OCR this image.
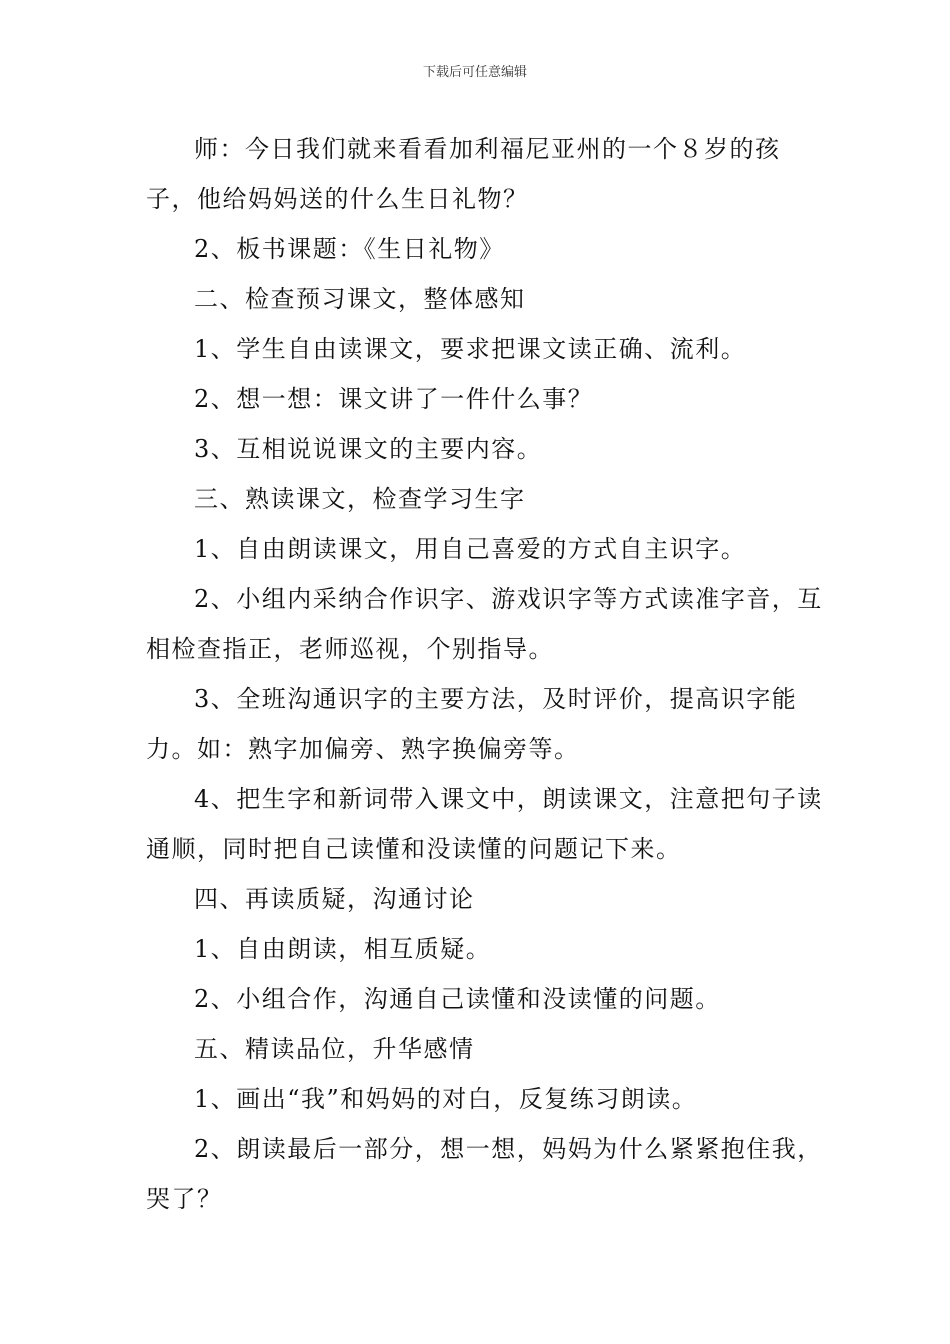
下载后可任意编辑

师：今日我们就来看看加利福尼亚州的一个８岁的孩子，他给妈妈送的什么生日礼物？

2、板书课题：《生日礼物》

二、检查预习课文，整体感知

1、学生自由读课文，要求把课文读正确、流利。

2、想一想：课文讲了一件什么事？

3、互相说说课文的主要内容。

三、熟读课文，检查学习生字

1、自由朗读课文，用自己喜爱的方式自主识字。

2、小组内采纳合作识字、游戏识字等方式读准字音，互相检查指正，老师巡视，个别指导。

3、全班沟通识字的主要方法，及时评价，提高识字能力。如：熟字加偏旁、熟字换偏旁等。

4、把生字和新词带入课文中，朗读课文，注意把句子读通顺，同时把自己读懂和没读懂的问题记下来。

四、再读质疑，沟通讨论

1、自由朗读，相互质疑。

2、小组合作，沟通自己读懂和没读懂的问题。

五、精读品位，升华感情

1、画出“我”和妈妈的对白，反复练习朗读。

2、朗读最后一部分，想一想，妈妈为什么紧紧抱住我，哭了？
